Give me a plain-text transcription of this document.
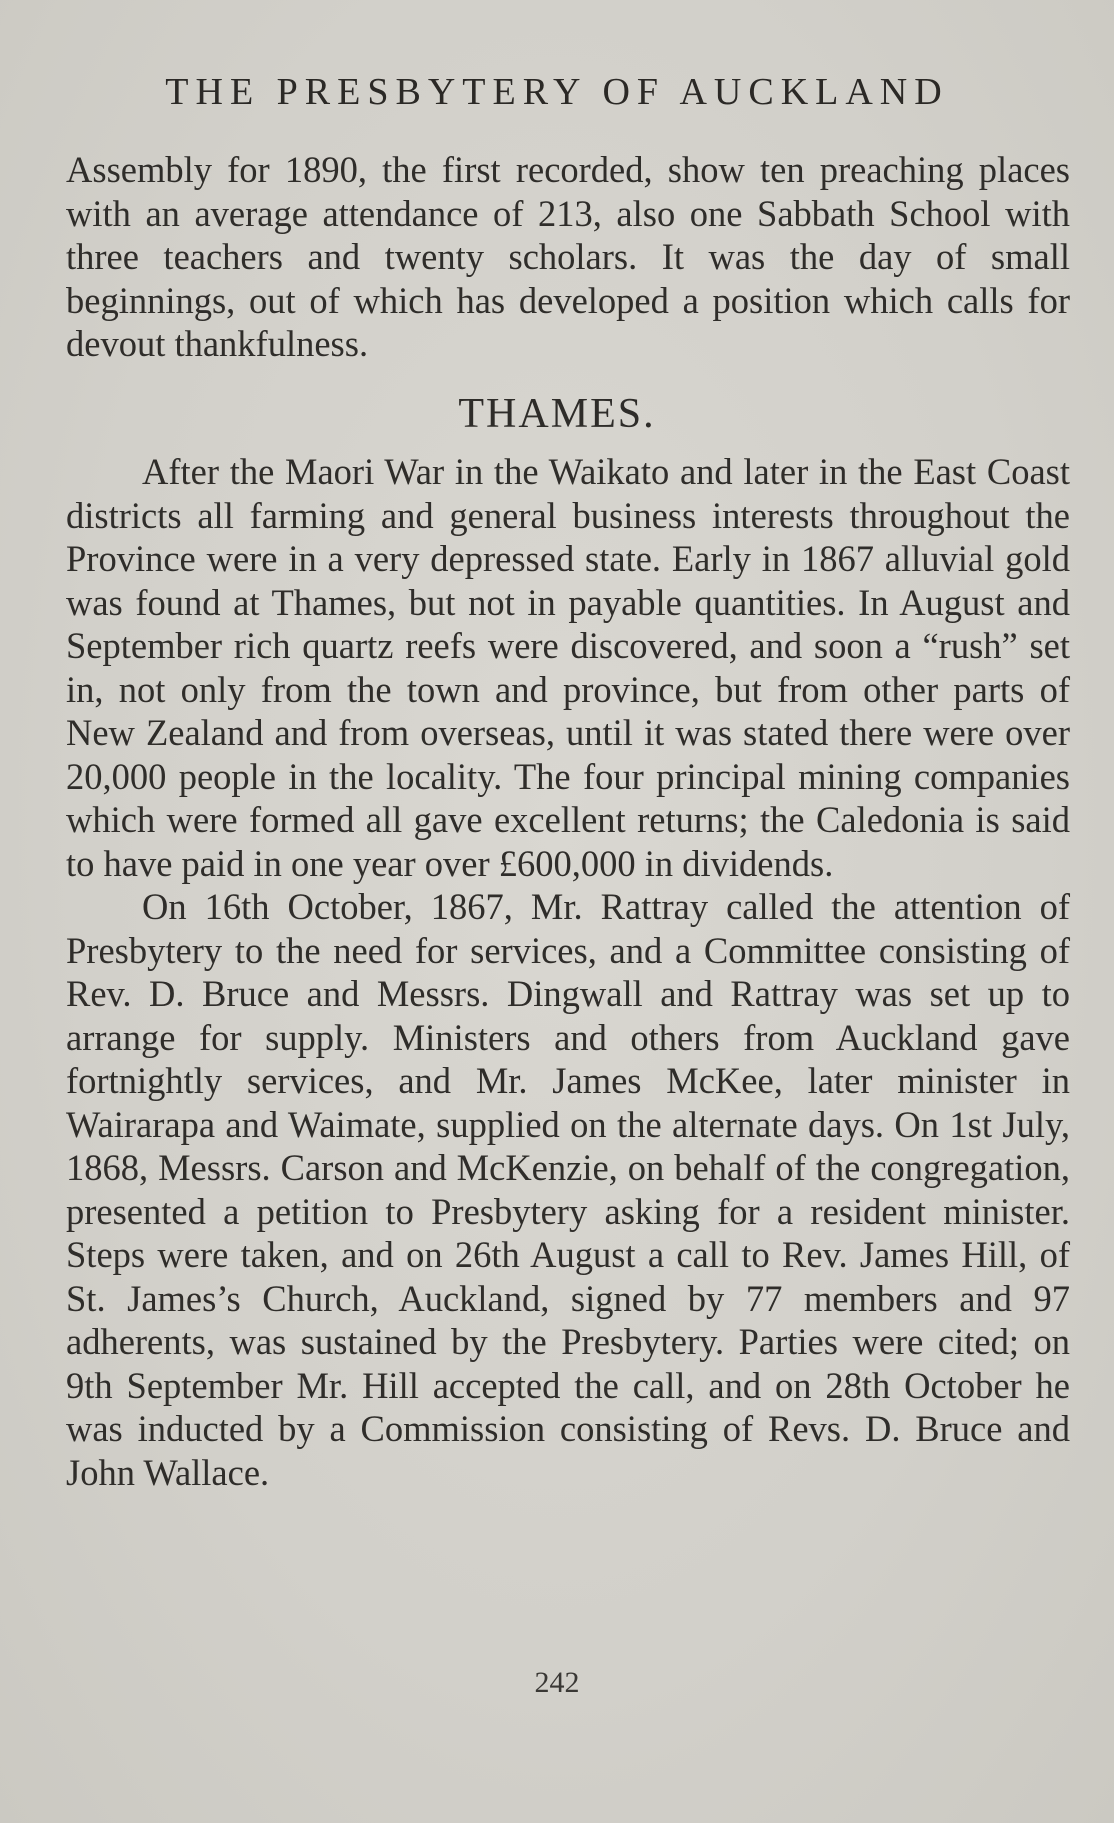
THE PRESBYTERY OF AUCKLAND

Assembly for 1890, the first recorded, show ten preaching places with an average attendance of 213, also one Sabbath School with three teachers and twenty scholars. It was the day of small beginnings, out of which has developed a position which calls for devout thankfulness.

THAMES.

After the Maori War in the Waikato and later in the East Coast districts all farming and general business interests throughout the Province were in a very depressed state. Early in 1867 alluvial gold was found at Thames, but not in payable quantities. In August and September rich quartz reefs were discovered, and soon a “rush” set in, not only from the town and province, but from other parts of New Zealand and from overseas, until it was stated there were over 20,000 people in the locality. The four principal mining companies which were formed all gave excellent returns; the Caledonia is said to have paid in one year over £600,000 in dividends.

On 16th October, 1867, Mr. Rattray called the attention of Presbytery to the need for services, and a Committee consisting of Rev. D. Bruce and Messrs. Dingwall and Rattray was set up to arrange for supply. Ministers and others from Auckland gave fortnightly services, and Mr. James McKee, later minister in Wairarapa and Waimate, supplied on the alternate days. On 1st July, 1868, Messrs. Carson and McKenzie, on behalf of the congregation, presented a petition to Presbytery asking for a resident minister. Steps were taken, and on 26th August a call to Rev. James Hill, of St. James’s Church, Auckland, signed by 77 members and 97 adherents, was sustained by the Presbytery. Parties were cited; on 9th September Mr. Hill accepted the call, and on 28th October he was inducted by a Commission consisting of Revs. D. Bruce and John Wallace.

242
